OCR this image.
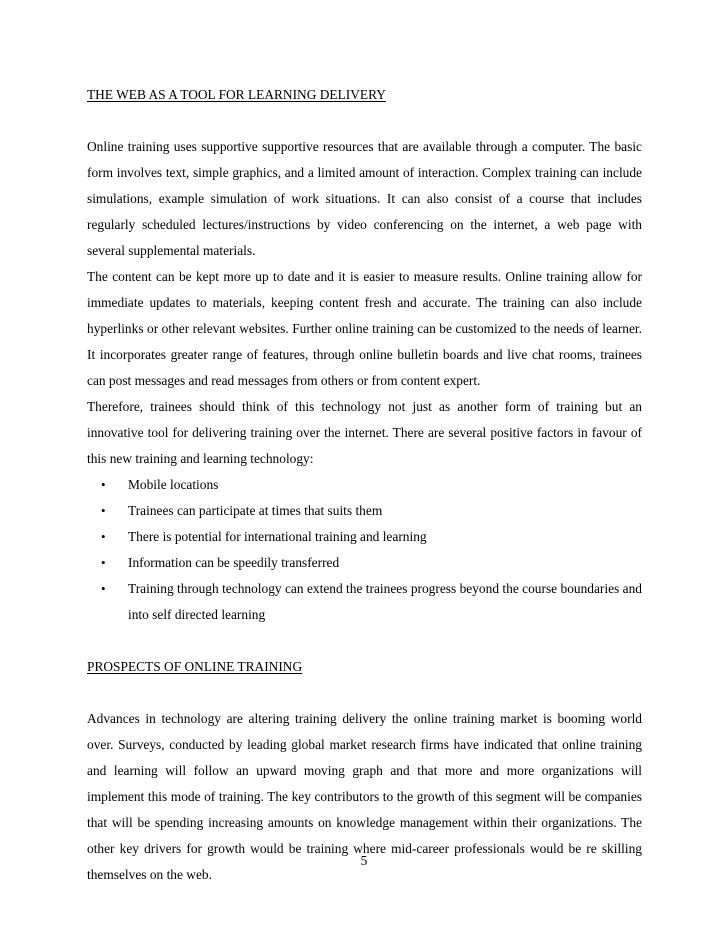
THE WEB AS A TOOL FOR LEARNING DELIVERY

Online training uses supportive supportive resources that are available through a computer. The basic form involves text, simple graphics, and a limited amount of interaction. Complex training can include simulations, example simulation of work situations. It can also consist of a course that includes regularly scheduled lectures/instructions by video conferencing on the internet, a web page with several supplemental materials.

The content can be kept more up to date and it is easier to measure results. Online training allow for immediate updates to materials, keeping content fresh and accurate. The training can also include hyperlinks or other relevant websites. Further online training can be customized to the needs of learner. It incorporates greater range of features, through online bulletin boards and live chat rooms, trainees can post messages and read messages from others or from content expert.

Therefore, trainees should think of this technology not just as another form of training but an innovative tool for delivering training over the internet. There are several positive factors in favour of this new training and learning technology:

• Mobile locations
• Trainees can participate at times that suits them
• There is potential for international training and learning
• Information can be speedily transferred
• Training through technology can extend the trainees progress beyond the course boundaries and into self directed learning
PROSPECTS OF ONLINE TRAINING

Advances in technology are altering training delivery the online training market is booming world over. Surveys, conducted by leading global market research firms have indicated that online training and learning will follow an upward moving graph and that more and more organizations will implement this mode of training. The key contributors to the growth of this segment will be companies that will be spending increasing amounts on knowledge management within their organizations. The other key drivers for growth would be training where mid-career professionals would be re skilling themselves on the web.

5
